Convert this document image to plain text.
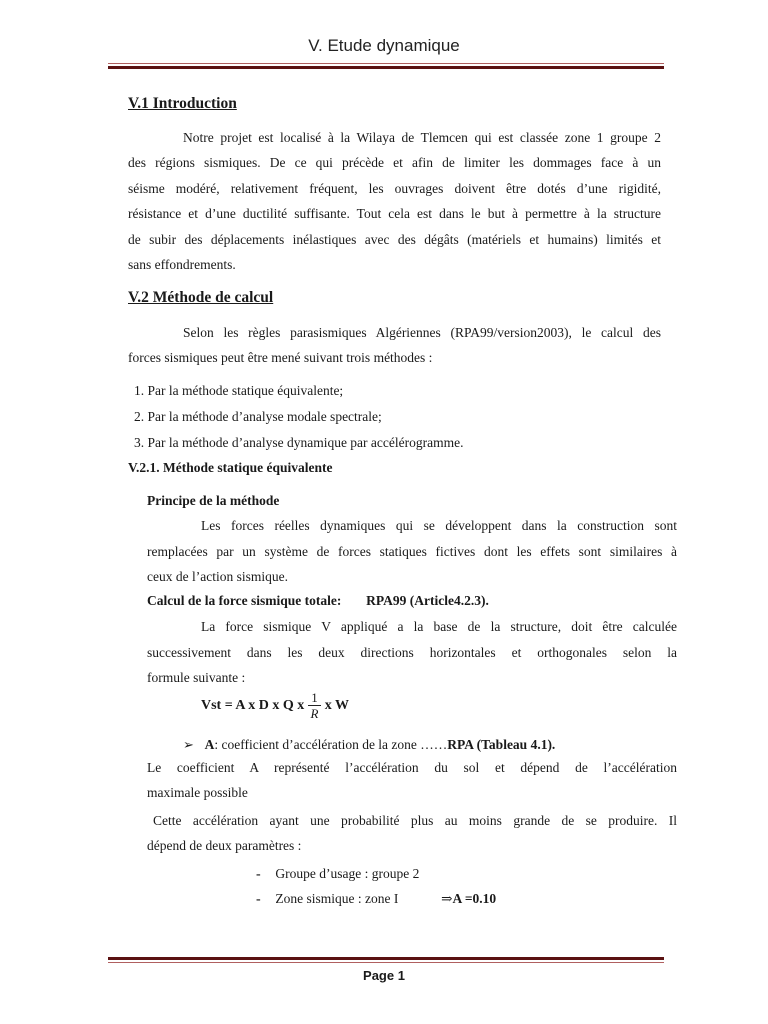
V. Etude dynamique
V.1 Introduction
Notre projet est localisé à la Wilaya de Tlemcen qui est classée zone 1 groupe 2
des régions sismiques. De ce qui précède et afin de limiter les dommages face à un
séisme modéré, relativement fréquent, les ouvrages doivent être dotés d’une rigidité,
résistance et d’une ductilité suffisante. Tout cela est dans le but à permettre à la structure
de subir des déplacements inélastiques avec des dégâts (matériels et humains) limités et
sans effondrements.
V.2 Méthode de calcul
Selon les règles parasismiques Algériennes (RPA99/version2003), le calcul des
forces sismiques peut être mené suivant trois méthodes :
1. Par la méthode statique équivalente;
2. Par la méthode d’analyse modale spectrale;
3. Par la méthode d’analyse dynamique par accélérogramme.
V.2.1. Méthode statique équivalente
Principe de la méthode
Les forces réelles dynamiques qui se développent dans la construction sont
remplacées par un système de forces statiques fictives dont les effets sont similaires à
ceux de l’action sismique.
Calcul de la force sismique totale: RPA99 (Article4.2.3).
La force sismique V appliqué a la base de la structure, doit être calculée
successivement dans les deux directions horizontales et orthogonales selon la
formule suivante :
Vst = A x D x Q x $\frac{1}{R}$ x W
➢ A: coefficient d’accélération de la zone ……RPA (Tableau 4.1).
Le coefficient A représenté l’accélération du sol et dépend de l’accélération
maximale possible
Cette accélération ayant une probabilité plus au moins grande de se produire. Il
dépend de deux paramètres :
- Groupe d’usage : groupe 2
- Zone sismique : zone I	⇒A =0.10
Page 1
